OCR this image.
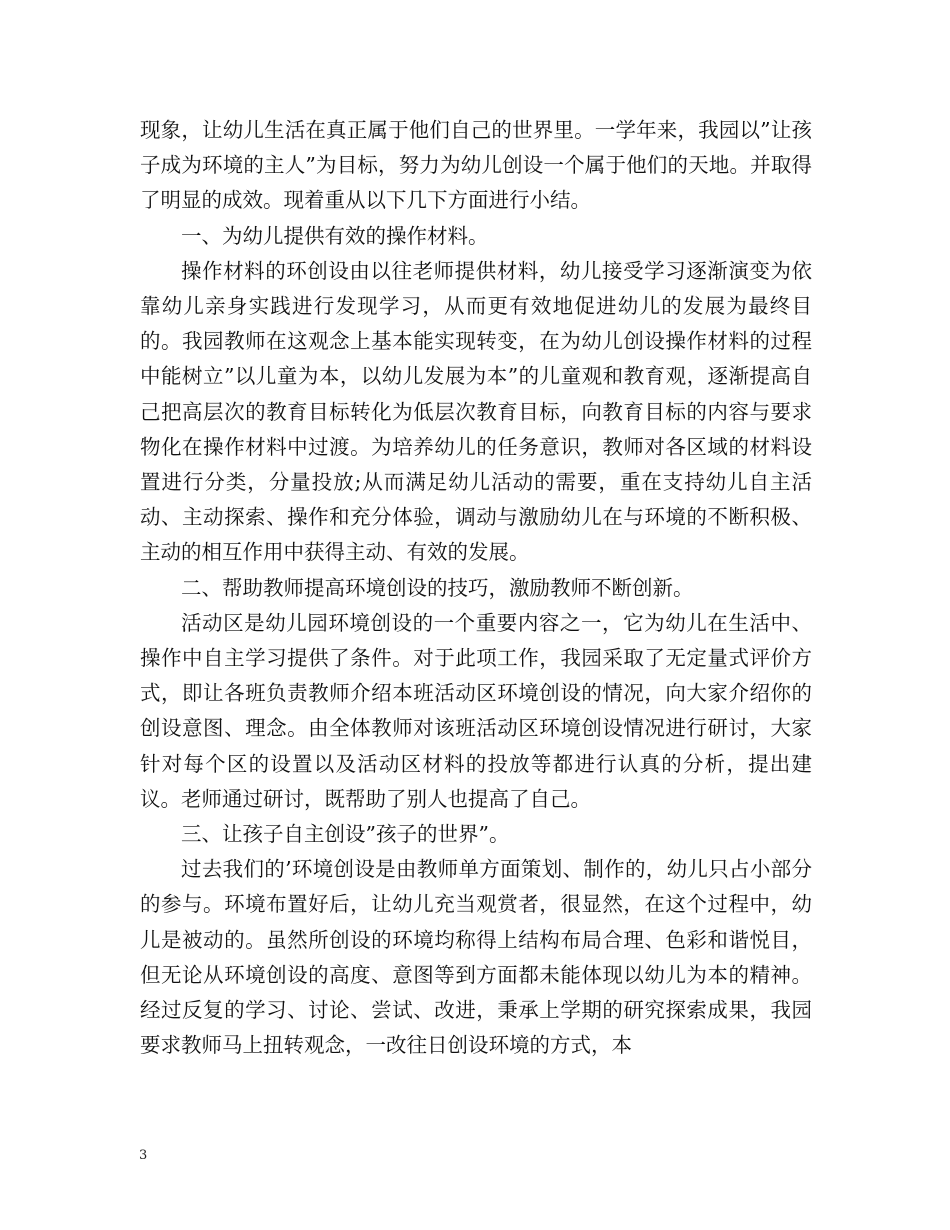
现象，让幼儿生活在真正属于他们自己的世界里。一学年来，我园以”让孩子成为环境的主人”为目标，努力为幼儿创设一个属于他们的天地。并取得了明显的成效。现着重从以下几下方面进行小结。

一、为幼儿提供有效的操作材料。

操作材料的环创设由以往老师提供材料，幼儿接受学习逐渐演变为依靠幼儿亲身实践进行发现学习，从而更有效地促进幼儿的发展为最终目的。我园教师在这观念上基本能实现转变，在为幼儿创设操作材料的过程中能树立”以儿童为本，以幼儿发展为本”的儿童观和教育观，逐渐提高自己把高层次的教育目标转化为低层次教育目标，向教育目标的内容与要求物化在操作材料中过渡。为培养幼儿的任务意识，教师对各区域的材料设置进行分类，分量投放;从而满足幼儿活动的需要，重在支持幼儿自主活动、主动探索、操作和充分体验，调动与激励幼儿在与环境的不断积极、主动的相互作用中获得主动、有效的发展。

二、帮助教师提高环境创设的技巧，激励教师不断创新。

活动区是幼儿园环境创设的一个重要内容之一，它为幼儿在生活中、操作中自主学习提供了条件。对于此项工作，我园采取了无定量式评价方式，即让各班负责教师介绍本班活动区环境创设的情况，向大家介绍你的创设意图、理念。由全体教师对该班活动区环境创设情况进行研讨，大家针对每个区的设置以及活动区材料的投放等都进行认真的分析，提出建议。老师通过研讨，既帮助了别人也提高了自己。

三、让孩子自主创设”孩子的世界”。

过去我们的’环境创设是由教师单方面策划、制作的，幼儿只占小部分的参与。环境布置好后，让幼儿充当观赏者，很显然，在这个过程中，幼儿是被动的。虽然所创设的环境均称得上结构布局合理、色彩和谐悦目，但无论从环境创设的高度、意图等到方面都未能体现以幼儿为本的精神。经过反复的学习、讨论、尝试、改进，秉承上学期的研究探索成果，我园要求教师马上扭转观念，一改往日创设环境的方式，本

3
